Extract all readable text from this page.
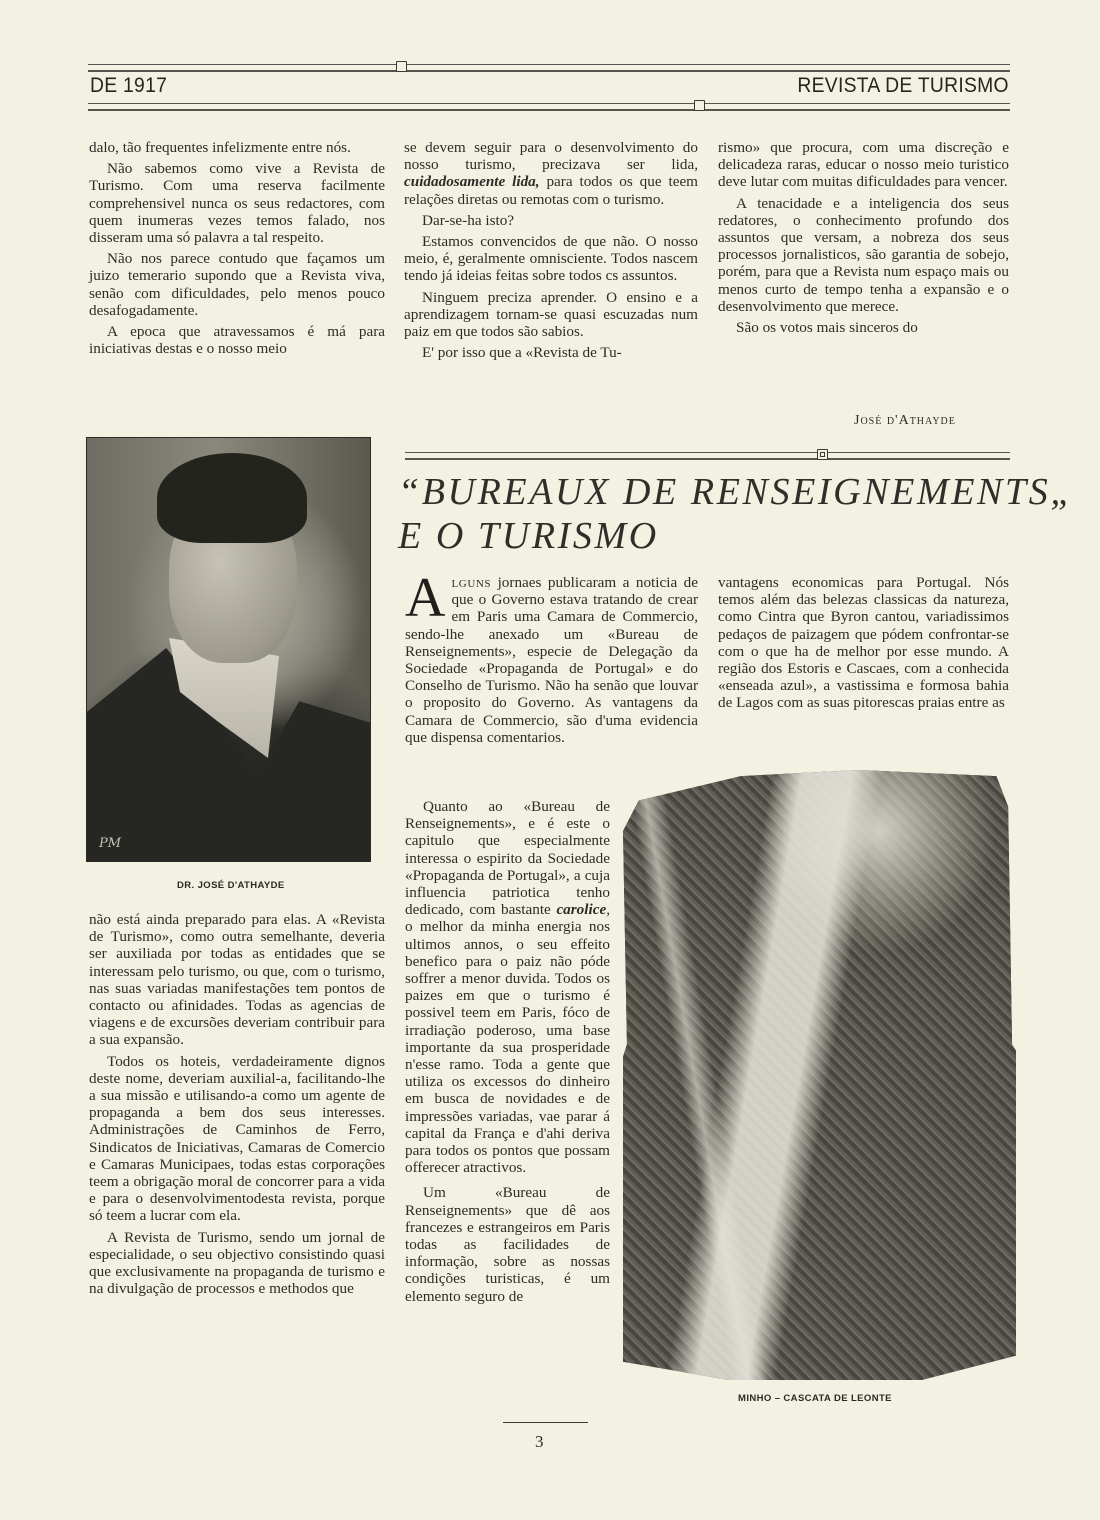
DE 1917	REVISTA DE TURISMO

dalo, tão frequentes infelizmente entre nós.

Não sabemos como vive a Revista de Turismo. Com uma reserva facilmente comprehensivel nunca os seus redactores, com quem inumeras vezes temos falado, nos disseram uma só palavra a tal respeito.

Não nos parece contudo que façamos um juizo temerario supondo que a Revista viva, senão com dificuldades, pelo menos pouco desafogadamente.

A epoca que atravessamos é má para iniciativas destas e o nosso meio

se devem seguir para o desenvolvimento do nosso turismo, precizava ser lida, cuidadosamente lida, para todos os que teem relações diretas ou remotas com o turismo.

Dar-se-ha isto?

Estamos convencidos de que não. O nosso meio, é, geralmente omnisciente. Todos nascem tendo já ideias feitas sobre todos cs assuntos.

Ninguem preciza aprender. O ensino e a aprendizagem tornam-se quasi escuzadas num paiz em que todos são sabios.

E' por isso que a «Revista de Tu-

rismo» que procura, com uma discreção e delicadeza raras, educar o nosso meio turistico deve lutar com muitas dificuldades para vencer.

A tenacidade e a inteligencia dos seus redatores, o conhecimento profundo dos assuntos que versam, a nobreza dos seus processos jornalisticos, são garantia de sobejo, porém, para que a Revista num espaço mais ou menos curto de tempo tenha a expansão e o desenvolvimento que merece.

São os votos mais sinceros do

José d'Athayde
PM
DR. JOSÉ D'ATHAYDE

não está ainda preparado para elas. A «Revista de Turismo», como outra semelhante, deveria ser auxiliada por todas as entidades que se interessam pelo turismo, ou que, com o turismo, nas suas variadas manifestações tem pontos de contacto ou afinidades. Todas as agencias de viagens e de excursões deveriam contribuir para a sua expansão.

Todos os hoteis, verdadeiramente dignos deste nome, deveriam auxilial-a, facilitando-lhe a sua missão e utilisando-a como um agente de propaganda a bem dos seus interesses. Administrações de Caminhos de Ferro, Sindicatos de Iniciativas, Camaras de Comercio e Camaras Municipaes, todas estas corporações teem a obrigação moral de concorrer para a vida e para o desenvolvimentodesta revista, porque só teem a lucrar com ela.

A Revista de Turismo, sendo um jornal de especialidade, o seu objectivo consistindo quasi que exclusivamente na propaganda de turismo e na divulgação de processos e methodos que

“BUREAUX DE RENSEIGNEMENTS„
E O TURISMO

Alguns jornaes publicaram a noticia de que o Governo estava tratando de crear em Paris uma Camara de Commercio, sendo-lhe anexado um «Bureau de Renseignements», especie de Delegação da Sociedade «Propaganda de Portugal» e do Conselho de Turismo. Não ha senão que louvar o proposito do Governo. As vantagens da Camara de Commercio, são d'uma evidencia que dispensa comentarios.

Quanto ao «Bureau de Renseignements», e é este o capitulo que especialmente interessa o espirito da Sociedade «Propaganda de Portugal», a cuja influencia patriotica tenho dedicado, com bastante carolice, o melhor da minha energia nos ultimos annos, o seu effeito benefico para o paiz não póde soffrer a menor duvida. Todos os paizes em que o turismo é possivel teem em Paris, fóco de irradiação poderoso, uma base importante da sua prosperidade n'esse ramo. Toda a gente que utiliza os excessos do dinheiro em busca de novidades e de impressões variadas, vae parar á capital da França e d'ahi deriva para todos os pontos que possam offerecer atractivos.

Um «Bureau de Renseignements» que dê aos francezes e estrangeiros em Paris todas as facilidades de informação, sobre as nossas condições turisticas, é um elemento seguro de

vantagens economicas para Portugal. Nós temos além das belezas classicas da natureza, como Cintra que Byron cantou, variadissimos pedaços de paizagem que pódem confrontar-se com o que ha de melhor por esse mundo. A região dos Estoris e Cascaes, com a conhecida «enseada azul», a vastissima e formosa bahia de Lagos com as suas pitorescas praias entre as

MINHO – CASCATA DE LEONTE
3
